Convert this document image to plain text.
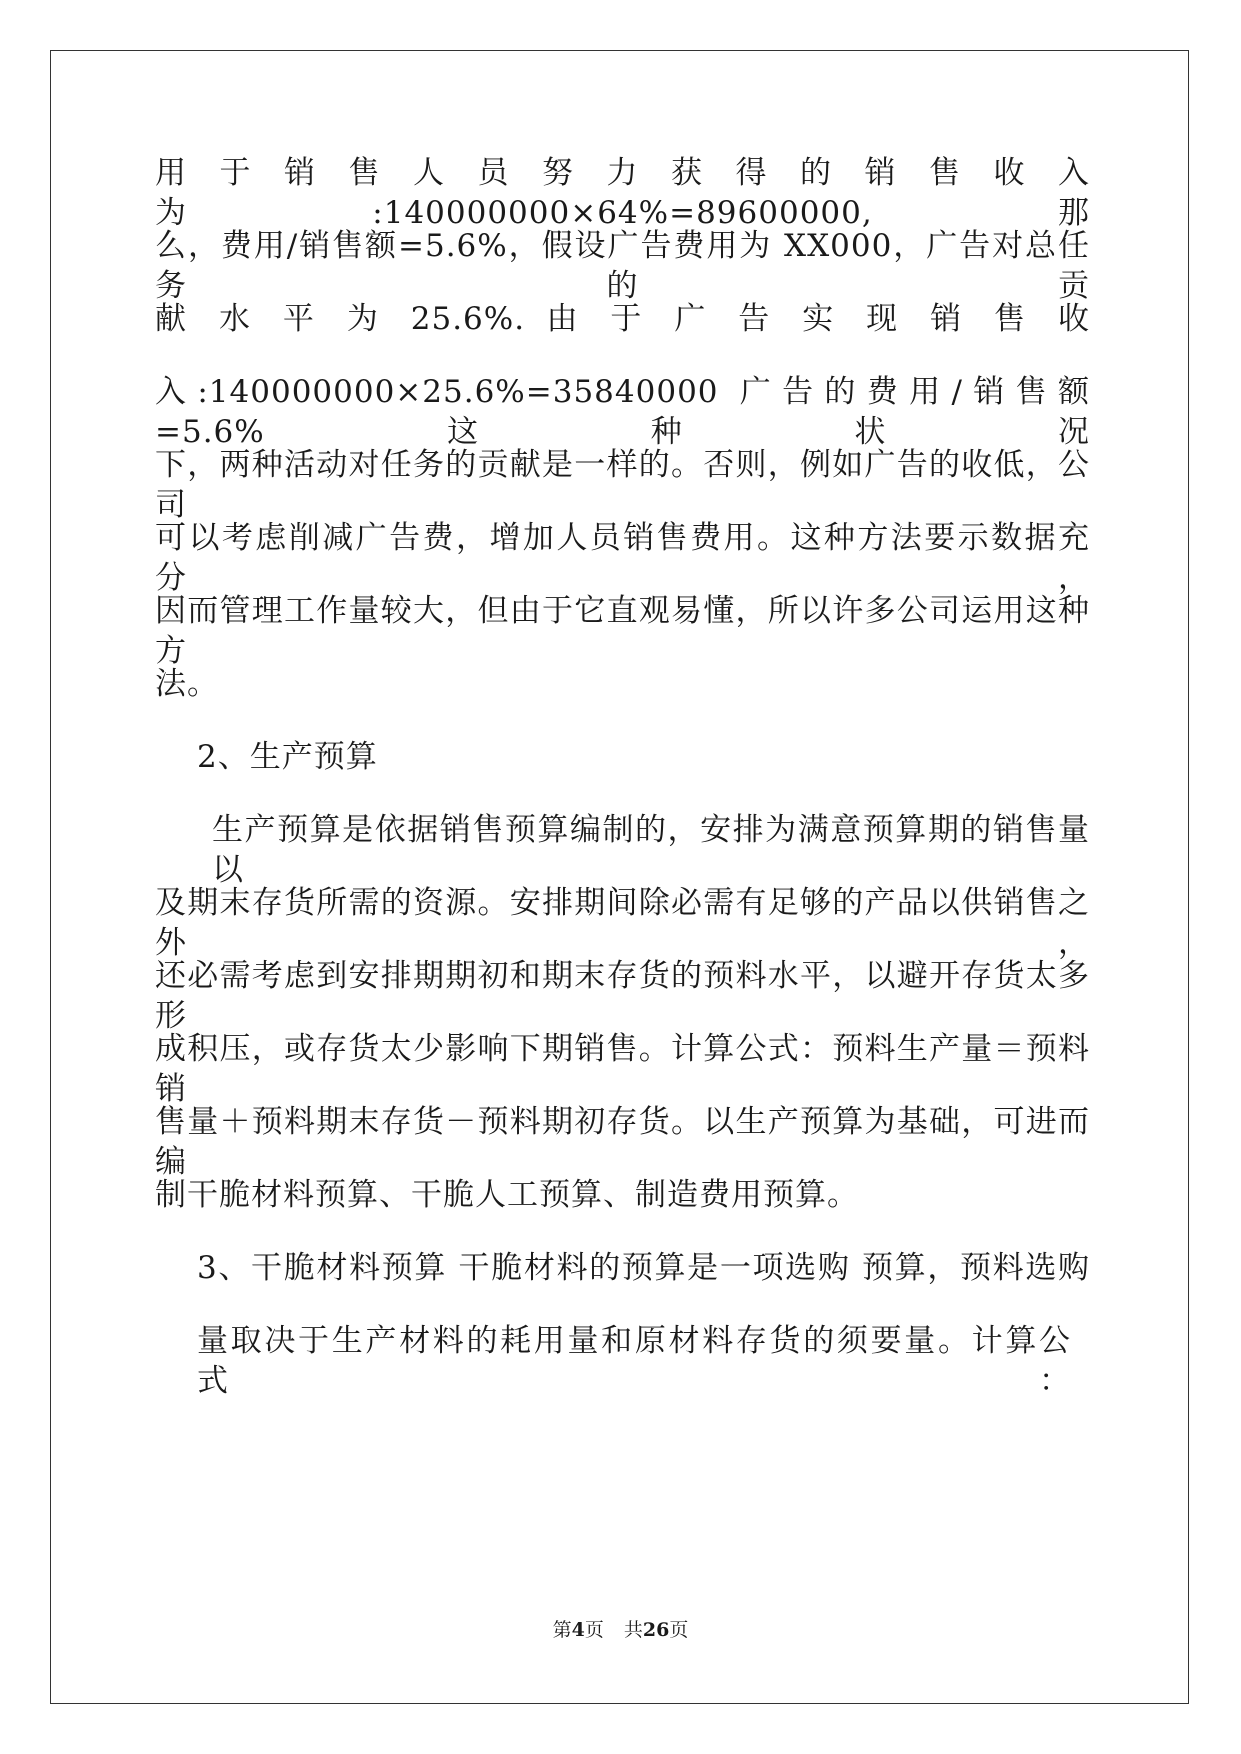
用于销售人员努力获得的销售收入为:140000000×64%=89600000,那
么，费用/销售额=5.6%，假设广告费用为 XX000，广告对总任务的贡
献 水 平 为 25.6%. 由 于 广 告 实 现 销 售 收
入:140000000×25.6%=35840000 广告的费用/销售额=5.6% 这种状况
下，两种活动对任务的贡献是一样的。否则，例如广告的收低，公司
可以考虑削减广告费，增加人员销售费用。这种方法要示数据充分，
因而管理工作量较大，但由于它直观易懂，所以许多公司运用这种方
法。
2、生产预算
生产预算是依据销售预算编制的，安排为满意预算期的销售量以
及期末存货所需的资源。安排期间除必需有足够的产品以供销售之外，
还必需考虑到安排期期初和期末存货的预料水平，以避开存货太多形
成积压，或存货太少影响下期销售。计算公式：预料生产量＝预料销
售量＋预料期末存货－预料期初存货。以生产预算为基础，可进而编
制干脆材料预算、干脆人工预算、制造费用预算。
3、干脆材料预算 干脆材料的预算是一项选购 预算，预料选购
量取决于生产材料的耗用量和原材料存货的须要量。计算公式：
第4页 共26页
